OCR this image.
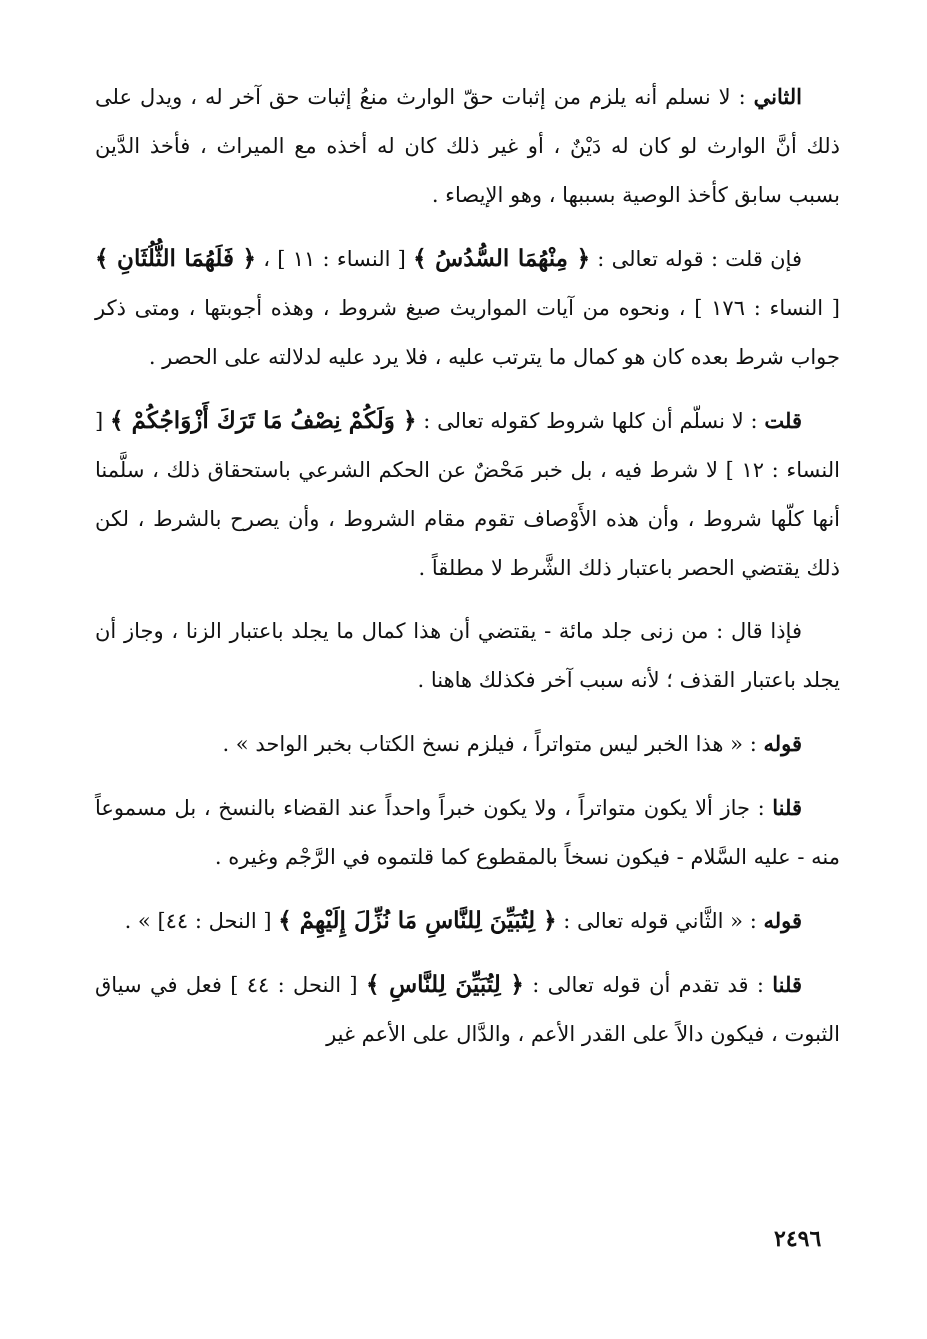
الثاني : لا نسلم أنه يلزم من إثبات حقّ الوارث منعُ إثبات حق آخر له ، ويدل على ذلك أنَّ الوارث لو كان له دَيْنٌ ، أو غير ذلك كان له أخذه مع الميراث ، فأخذ الدَّين بسبب سابق كأخذ الوصية بسببها ، وهو الإيصاء .

فإن قلت : قوله تعالى : ﴿ مِنْهُمَا السُّدُسُ ﴾ [ النساء : ١١ ] ، ﴿ فَلَهُمَا الثُّلُثَانِ ﴾ [ النساء : ١٧٦ ] ، ونحوه من آيات المواريث صيغ شروط ، وهذه أجوبتها ، ومتى ذكر جواب شرط بعده كان هو كمال ما يترتب عليه ، فلا يرد عليه لدلالته على الحصر .

قلت : لا نسلّم أن كلها شروط كقوله تعالى : ﴿ وَلَكُمْ نِصْفُ مَا تَرَكَ أَزْوَاجُكُمْ ﴾ [ النساء : ١٢ ] لا شرط فيه ، بل خبر مَحْضٌ عن الحكم الشرعي باستحقاق ذلك ، سلَّمنا أنها كلّها شروط ، وأن هذه الأَوْصاف تقوم مقام الشروط ، وأن يصرح بالشرط ، لكن ذلك يقتضي الحصر باعتبار ذلك الشَّرط لا مطلقاً .

فإذا قال : من زنى جلد مائة - يقتضي أن هذا كمال ما يجلد باعتبار الزنا ، وجاز أن يجلد باعتبار القذف ؛ لأنه سبب آخر فكذلك هاهنا .

قوله : « هذا الخبر ليس متواتراً ، فيلزم نسخ الكتاب بخبر الواحد » .

قلنا : جاز ألا يكون متواتراً ، ولا يكون خبراً واحداً عند القضاء بالنسخ ، بل مسموعاً منه - عليه السَّلام - فيكون نسخاً بالمقطوع كما قلتموه في الرَّجْم وغيره .

قوله : « الثَّاني قوله تعالى : ﴿ لِتُبَيِّنَ لِلنَّاسِ مَا نُزِّلَ إِلَيْهِمْ ﴾ [ النحل : ٤٤] » .

قلنا : قد تقدم أن قوله تعالى : ﴿ لِتُبَيِّنَ لِلنَّاسِ ﴾ [ النحل : ٤٤ ] فعل في سياق الثبوت ، فيكون دالاً على القدر الأعم ، والدَّال على الأعم غير

٢٤٩٦
